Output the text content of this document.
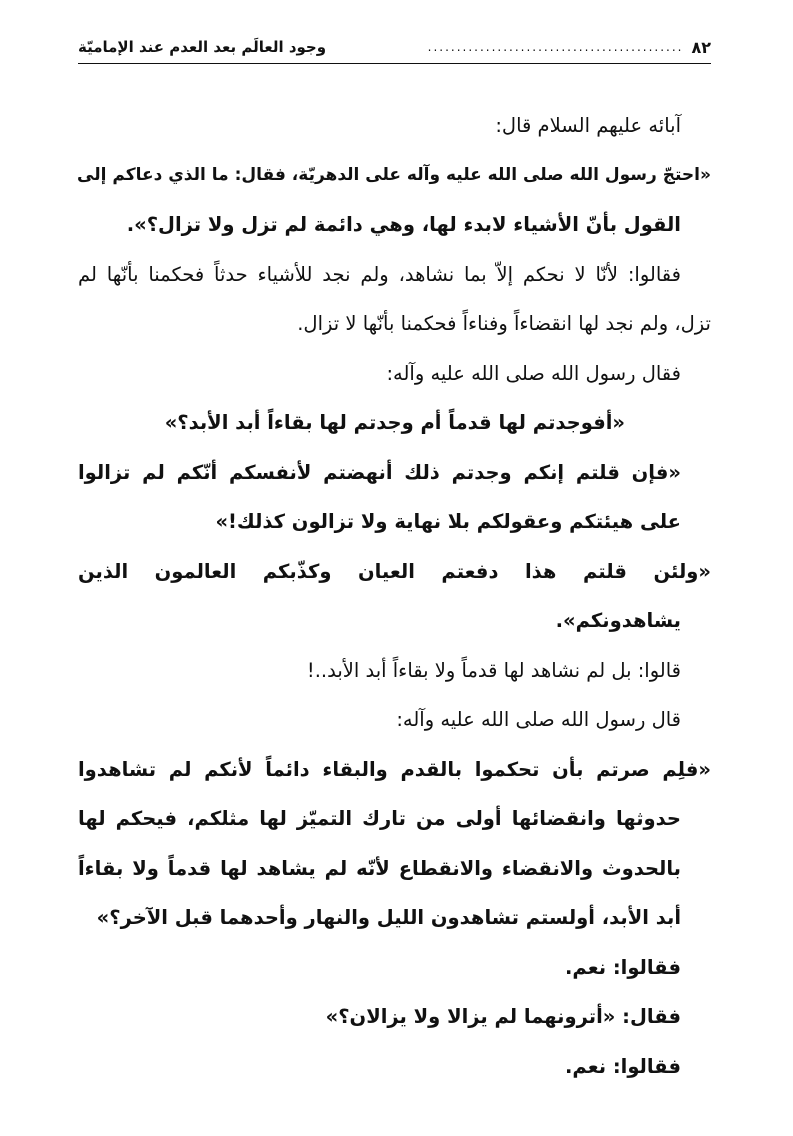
٨٢
............................................
وجود العالَم بعد العدم عند الإماميّة
آبائه عليهم السلام قال:
«احتجّ رسول الله صلى الله عليه وآله على الدهريّة، فقال: ما الذي دعاكم إلى
القول بأنّ الأشياء لابدء لها، وهي دائمة لم تزل ولا تزال؟».
فقالوا: لأنّا لا نحكم إلاّ بما نشاهد، ولم نجد للأشياء حدثاً فحكمنا بأنّها لم
تزل، ولم نجد لها انقضاءاً وفناءاً فحكمنا بأنّها لا تزال.
فقال رسول الله صلى الله عليه وآله:
«أفوجدتم لها قدماً أم وجدتم لها بقاءاً أبد الأبد؟»
«فإن قلتم إنكم وجدتم ذلك أنهضتم لأنفسكم أنّكم لم تزالوا
على هيئتكم وعقولكم بلا نهاية ولا تزالون كذلك!»
«ولئن قلتم هذا دفعتم العيان وكذّبكم العالمون الذين
يشاهدونكم».
قالوا: بل لم نشاهد لها قدماً ولا بقاءاً أبد الأبد..!
قال رسول الله صلى الله عليه وآله:
«فلِم صرتم بأن تحكموا بالقدم والبقاء دائماً لأنكم لم تشاهدوا
حدوثها وانقضائها أولى من تارك التميّز لها مثلكم، فيحكم لها
بالحدوث والانقضاء والانقطاع لأنّه لم يشاهد لها قدماً ولا بقاءاً
أبد الأبد، أولستم تشاهدون الليل والنهار وأحدهما قبل الآخر؟»
فقالوا: نعم.
فقال: «أترونهما لم يزالا ولا يزالان؟»
فقالوا: نعم.
